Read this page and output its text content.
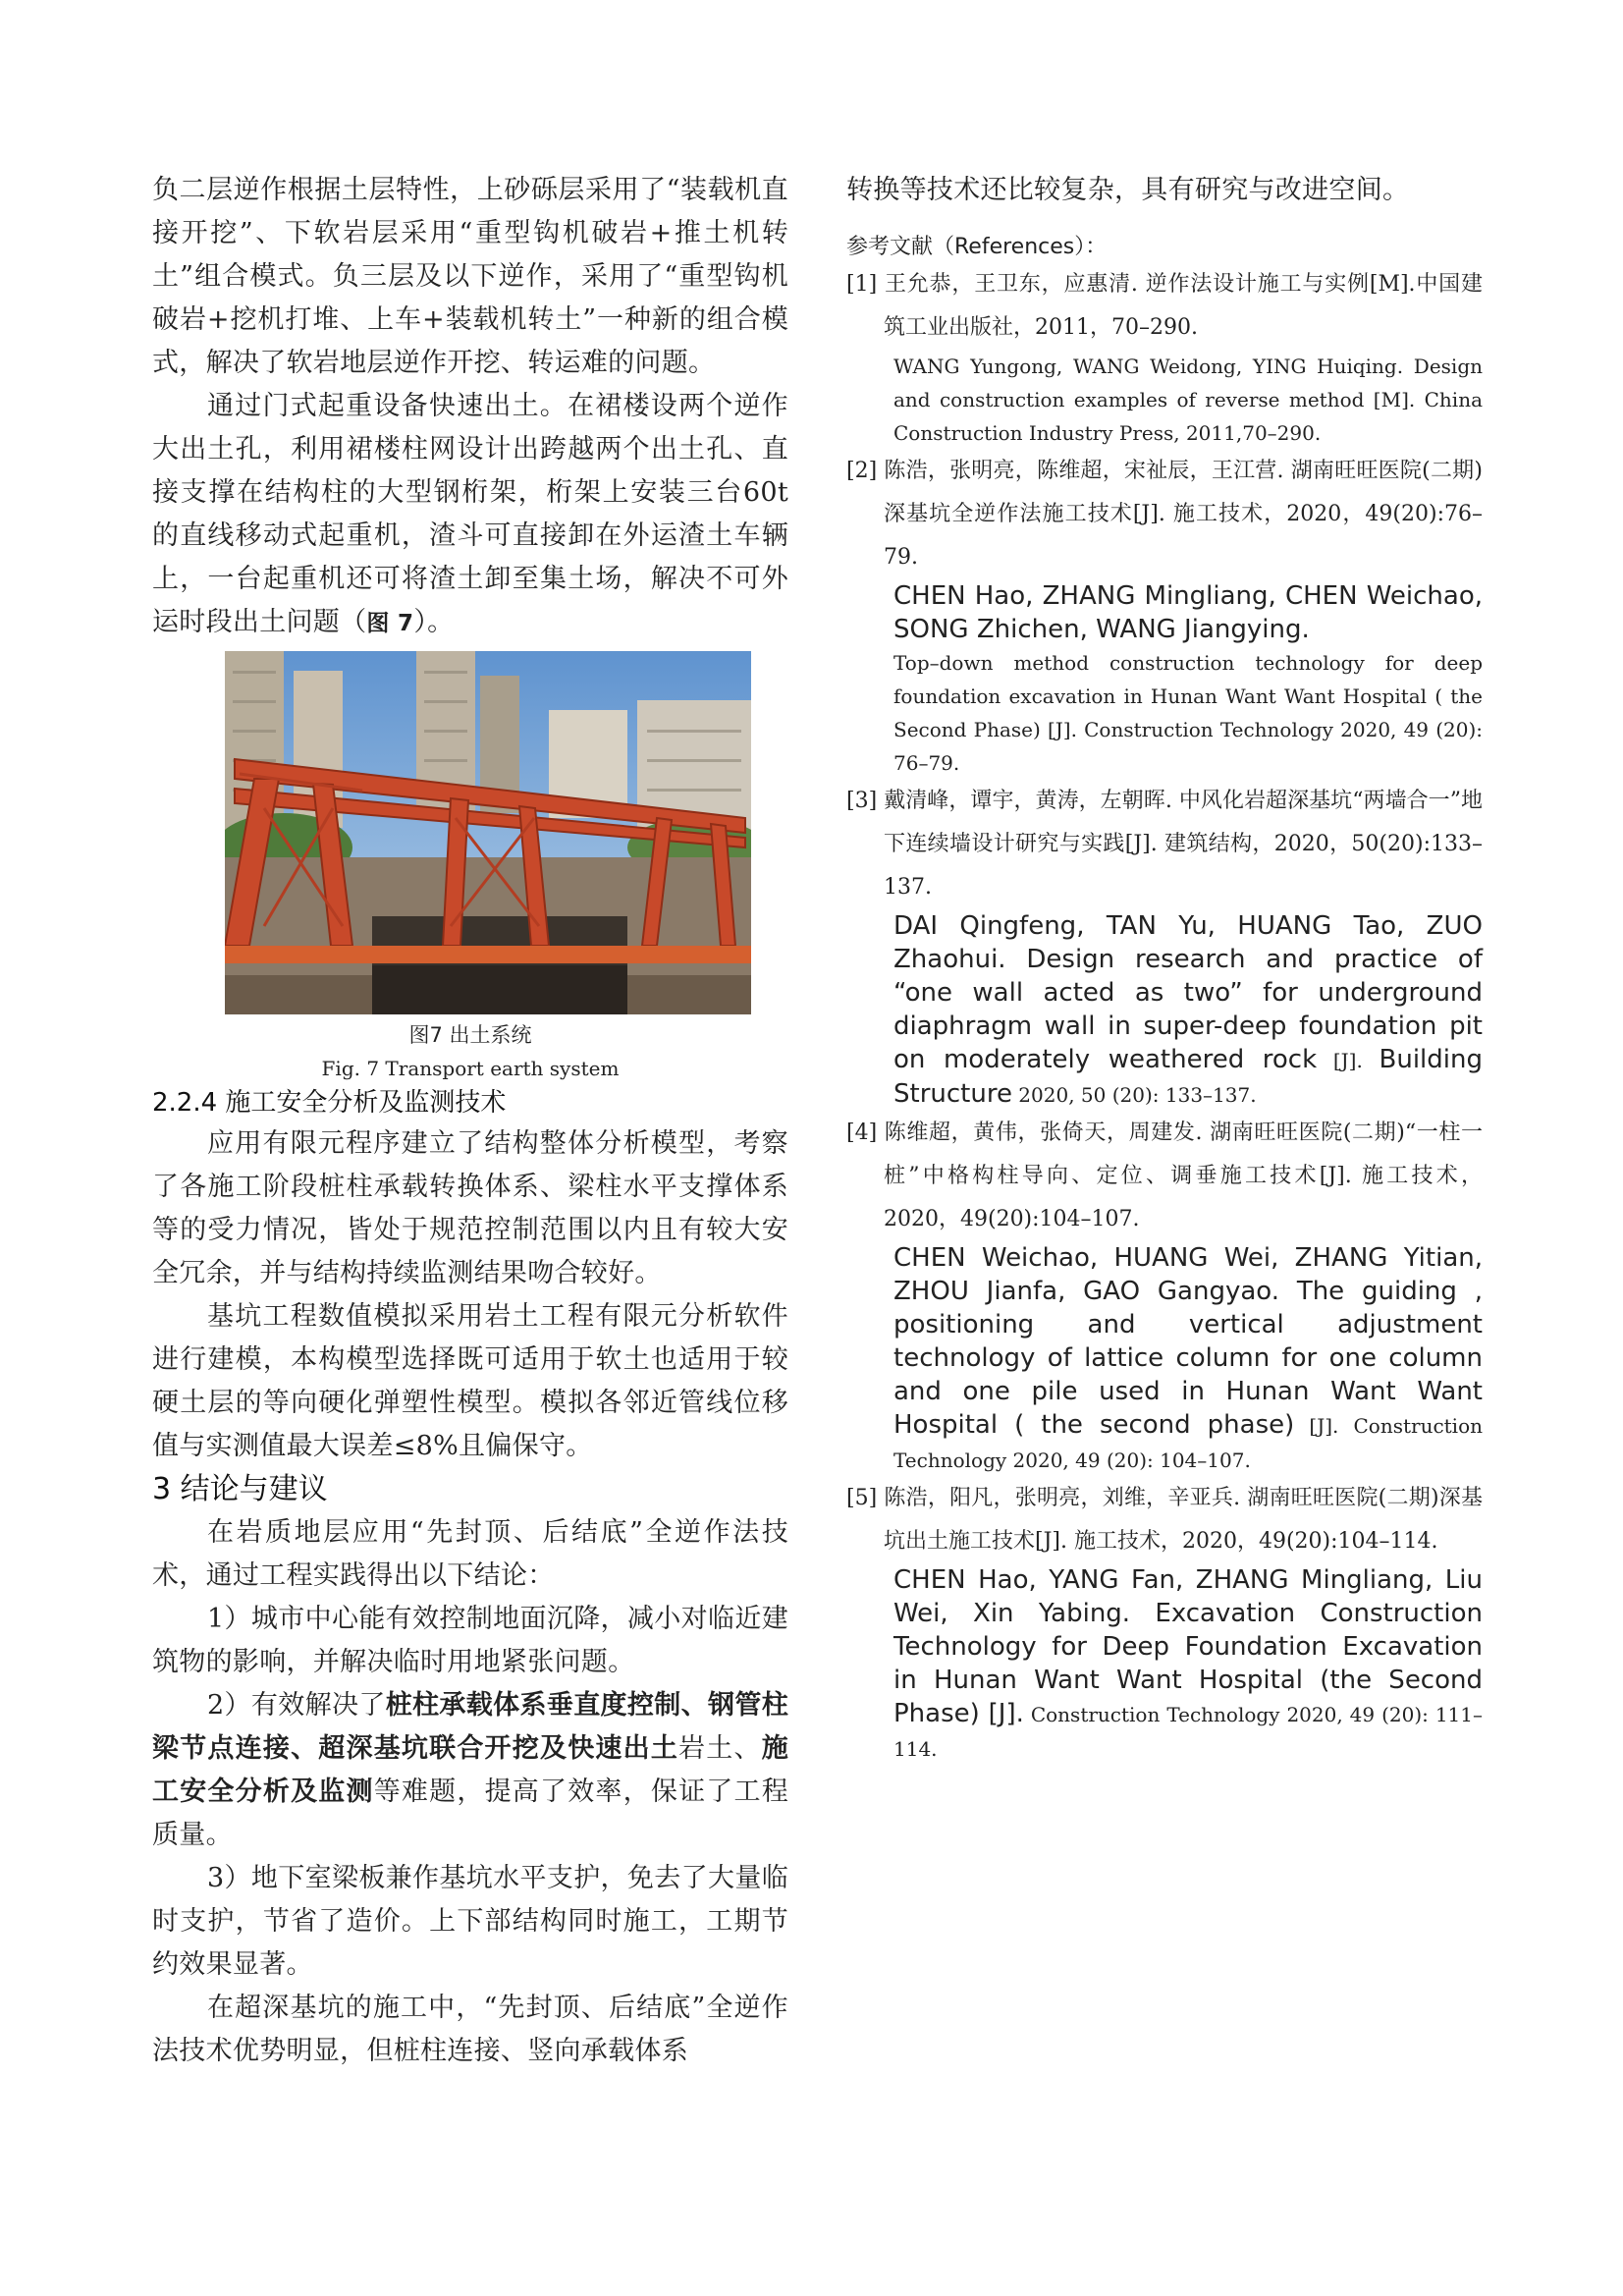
负二层逆作根据土层特性，上砂砾层采用了“装载机直接开挖”、下软岩层采用“重型钩机破岩+推土机转土”组合模式。负三层及以下逆作，采用了“重型钩机破岩+挖机打堆、上车+装载机转土”一种新的组合模式，解决了软岩地层逆作开挖、转运难的问题。

通过门式起重设备快速出土。在裙楼设两个逆作大出土孔，利用裙楼柱网设计出跨越两个出土孔、直接支撑在结构柱的大型钢桁架，桁架上安装三台60t 的直线移动式起重机，渣斗可直接卸在外运渣土车辆上，一台起重机还可将渣土卸至集土场，解决不可外运时段出土问题（图 7）。

图7 出土系统

Fig. 7 Transport earth system

2.2.4 施工安全分析及监测技术

应用有限元程序建立了结构整体分析模型，考察了各施工阶段桩柱承载转换体系、梁柱水平支撑体系等的受力情况，皆处于规范控制范围以内且有较大安全冗余，并与结构持续监测结果吻合较好。

基坑工程数值模拟采用岩土工程有限元分析软件进行建模，本构模型选择既可适用于软土也适用于较硬土层的等向硬化弹塑性模型。模拟各邻近管线位移值与实测值最大误差≤8%且偏保守。

3 结论与建议

在岩质地层应用“先封顶、后结底”全逆作法技术，通过工程实践得出以下结论：

1）城市中心能有效控制地面沉降，减小对临近建筑物的影响，并解决临时用地紧张问题。

2）有效解决了桩柱承载体系垂直度控制、钢管柱梁节点连接、超深基坑联合开挖及快速出土岩土、施工安全分析及监测等难题，提高了效率，保证了工程质量。

3）地下室梁板兼作基坑水平支护，免去了大量临时支护，节省了造价。上下部结构同时施工，工期节约效果显著。

在超深基坑的施工中，“先封顶、后结底”全逆作法技术优势明显，但桩柱连接、竖向承载体系

转换等技术还比较复杂，具有研究与改进空间。

参考文献（References）：

[1] 王允恭，王卫东，应惠清. 逆作法设计施工与实例[M].中国建筑工业出版社，2011，70–290.

WANG Yungong, WANG Weidong, YING Huiqing. Design and construction examples of reverse method [M]. China Construction Industry Press, 2011,70–290.

[2] 陈浩，张明亮，陈维超，宋祉辰，王江营. 湖南旺旺医院(二期)深基坑全逆作法施工技术[J]. 施工技术，2020，49(20):76–79.

CHEN Hao, ZHANG Mingliang, CHEN Weichao, SONG Zhichen, WANG Jiangying.

Top–down method construction technology for deep foundation excavation in Hunan Want Want Hospital ( the Second Phase) [J]. Construction Technology 2020, 49 (20): 76–79.

[3] 戴清峰，谭宇，黄涛，左朝晖. 中风化岩超深基坑“两墙合一”地下连续墙设计研究与实践[J]. 建筑结构，2020，50(20):133–137.

DAI Qingfeng, TAN Yu, HUANG Tao, ZUO Zhaohui. Design research and practice of “one wall acted as two” for underground diaphragm wall in super-deep foundation pit on moderately weathered rock [J]. Building Structure 2020, 50 (20): 133–137.

[4] 陈维超，黄伟，张倚天，周建发. 湖南旺旺医院(二期)“一柱一桩”中格构柱导向、定位、调垂施工技术[J]. 施工技术，2020，49(20):104–107.

CHEN Weichao, HUANG Wei, ZHANG Yitian, ZHOU Jianfa, GAO Gangyao. The guiding , positioning and vertical adjustment technology of lattice column for one column and one pile used in Hunan Want Want Hospital ( the second phase) [J]. Construction Technology 2020, 49 (20): 104–107.

[5] 陈浩，阳凡，张明亮，刘维，辛亚兵. 湖南旺旺医院(二期)深基坑出土施工技术[J]. 施工技术，2020，49(20):104–114.

CHEN Hao, YANG Fan, ZHANG Mingliang, Liu Wei, Xin Yabing. Excavation Construction Technology for Deep Foundation Excavation in Hunan Want Want Hospital (the Second Phase) [J]. Construction Technology 2020, 49 (20): 111–114.
